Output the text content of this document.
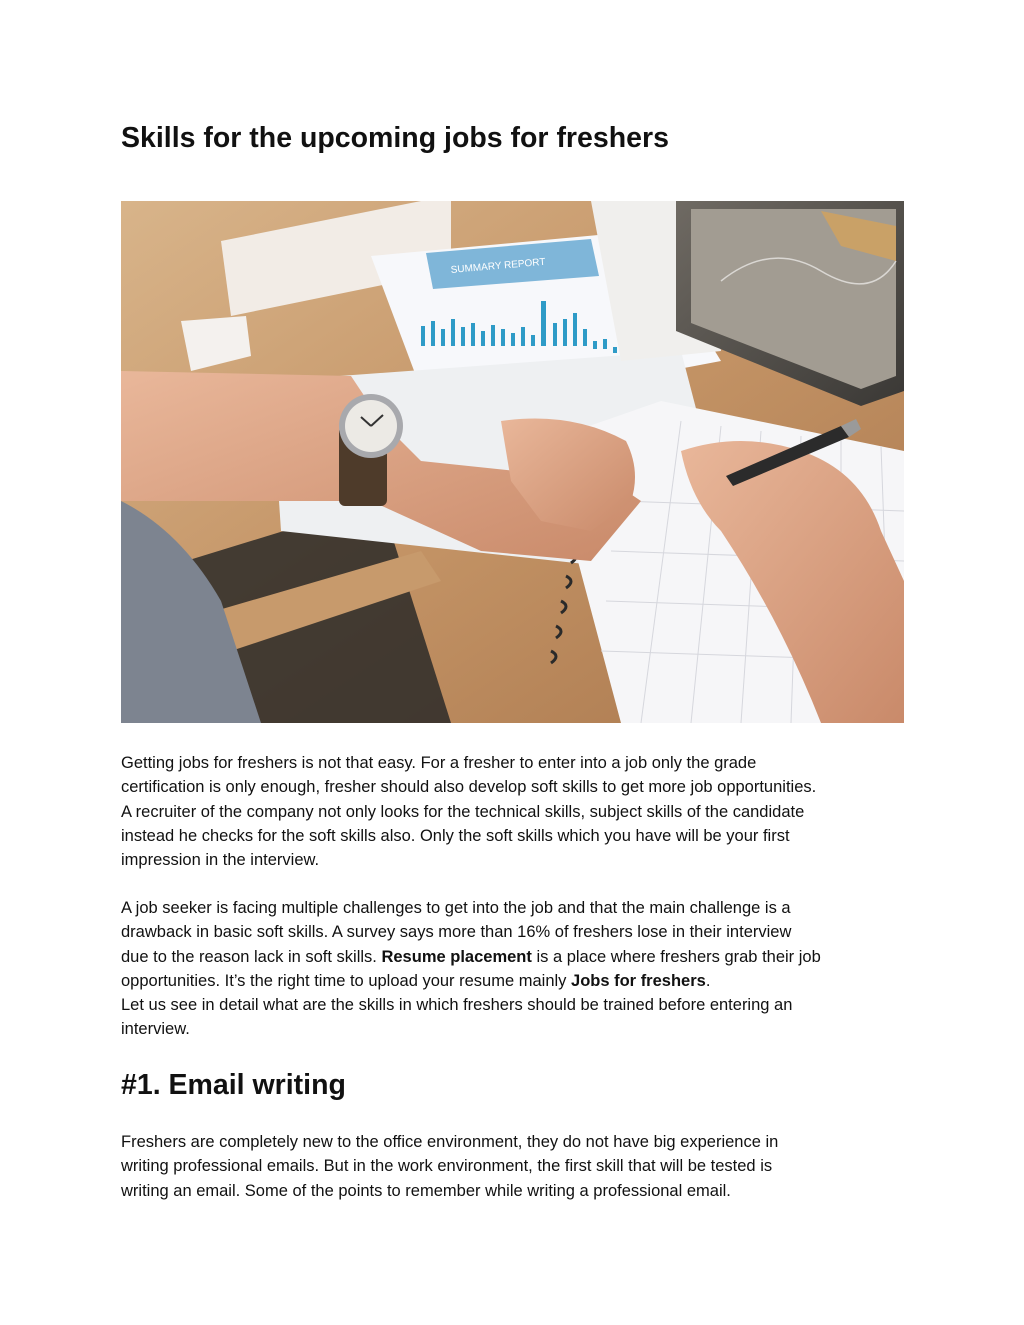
Skills for the upcoming jobs for freshers
SUMMARY REPORT

Getting jobs for freshers is not that easy. For a fresher to enter into a job only the grade
certification is only enough, fresher should also develop soft skills to get more job opportunities.
A recruiter of the company not only looks for the technical skills, subject skills of the candidate
instead he checks for the soft skills also. Only the soft skills which you have will be your first
impression in the interview.

A job seeker is facing multiple challenges to get into the job and that the main challenge is a
drawback in basic soft skills. A survey says more than 16% of freshers lose in their interview
due to the reason lack in soft skills. Resume placement is a place where freshers grab their job
opportunities. It’s the right time to upload your resume mainly Jobs for freshers.
Let us see in detail what are the skills in which freshers should be trained before entering an
interview.

#1. Email writing

Freshers are completely new to the office environment, they do not have big experience in
writing professional emails. But in the work environment, the first skill that will be tested is
writing an email. Some of the points to remember while writing a professional email.
